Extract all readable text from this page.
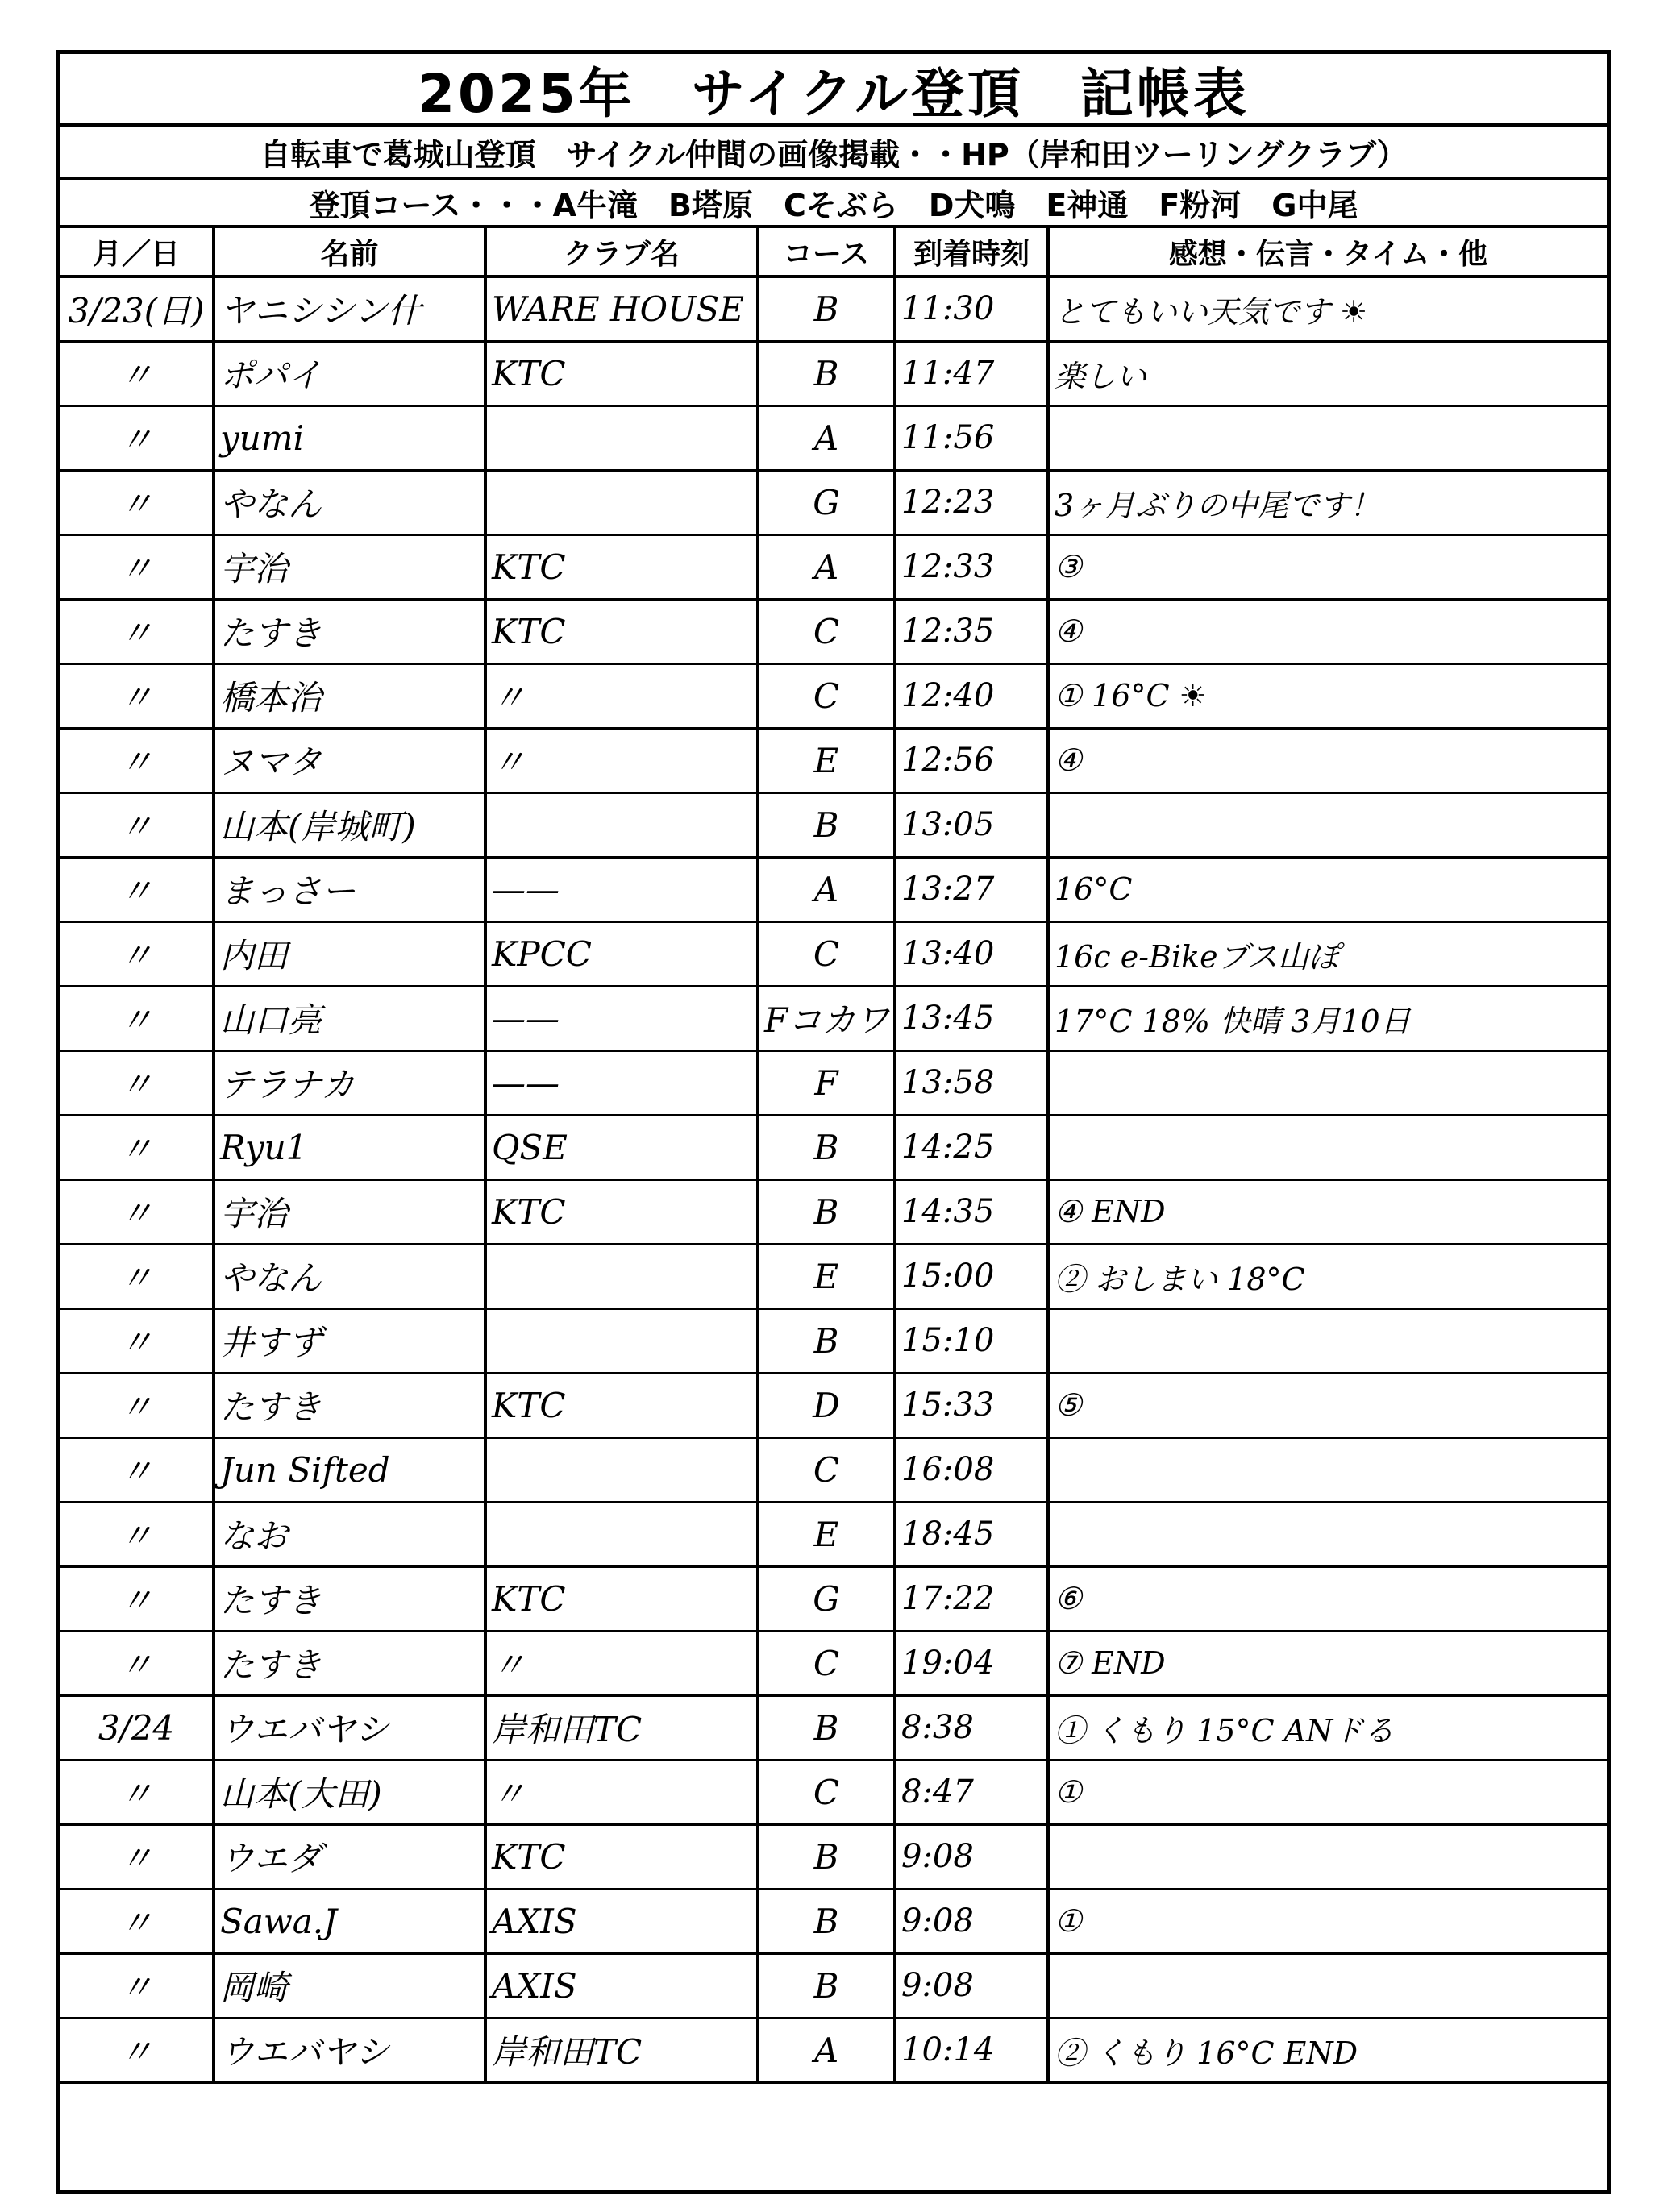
2025年　サイクル登頂　記帳表
自転車で葛城山登頂　サイクル仲間の画像掲載・・HP（岸和田ツーリングクラブ）
登頂コース・・・A牛滝　B塔原　Cそぶら　D犬鳴　E神通　F粉河　G中尾
月／日	名前	クラブ名	コース	到着時刻	感想・伝言・タイム・他
3/23(日)	ヤニシシン什	WARE HOUSE	B	11:30	とてもいい天気です ☀
〃	ポパイ	KTC	B	11:47	楽しい
〃	yumi		A	11:56	
〃	やなん		G	12:23	3ヶ月ぶりの中尾です！
〃	宇治	KTC	A	12:33	③
〃	たすき	KTC	C	12:35	④
〃	橋本治	〃	C	12:40	① 16°C ☀
〃	ヌマタ	〃	E	12:56	④
〃	山本(岸城町)		B	13:05	
〃	まっさー	——	A	13:27	16°C
〃	内田	KPCC	C	13:40	16c e-Bikeブス山ぽ
〃	山口亮	——	Fコカワ	13:45	17°C 18% 快晴 3月10日
〃	テラナカ	——	F	13:58	
〃	Ryu1	QSE	B	14:25	
〃	宇治	KTC	B	14:35	④ END
〃	やなん		E	15:00	② おしまい 18°C
〃	井すず		B	15:10	
〃	たすき	KTC	D	15:33	⑤
〃	Jun Sifted		C	16:08	
〃	なお		E	18:45	
〃	たすき	KTC	G	17:22	⑥
〃	たすき	〃	C	19:04	⑦ END
3/24	ウエバヤシ	岸和田TC	B	8:38	① くもり 15°C ANドる
〃	山本(大田)	〃	C	8:47	①
〃	ウエダ	KTC	B	9:08	
〃	Sawa.J	AXIS	B	9:08	①
〃	岡崎	AXIS	B	9:08	
〃	ウエバヤシ	岸和田TC	A	10:14	② くもり 16°C END
